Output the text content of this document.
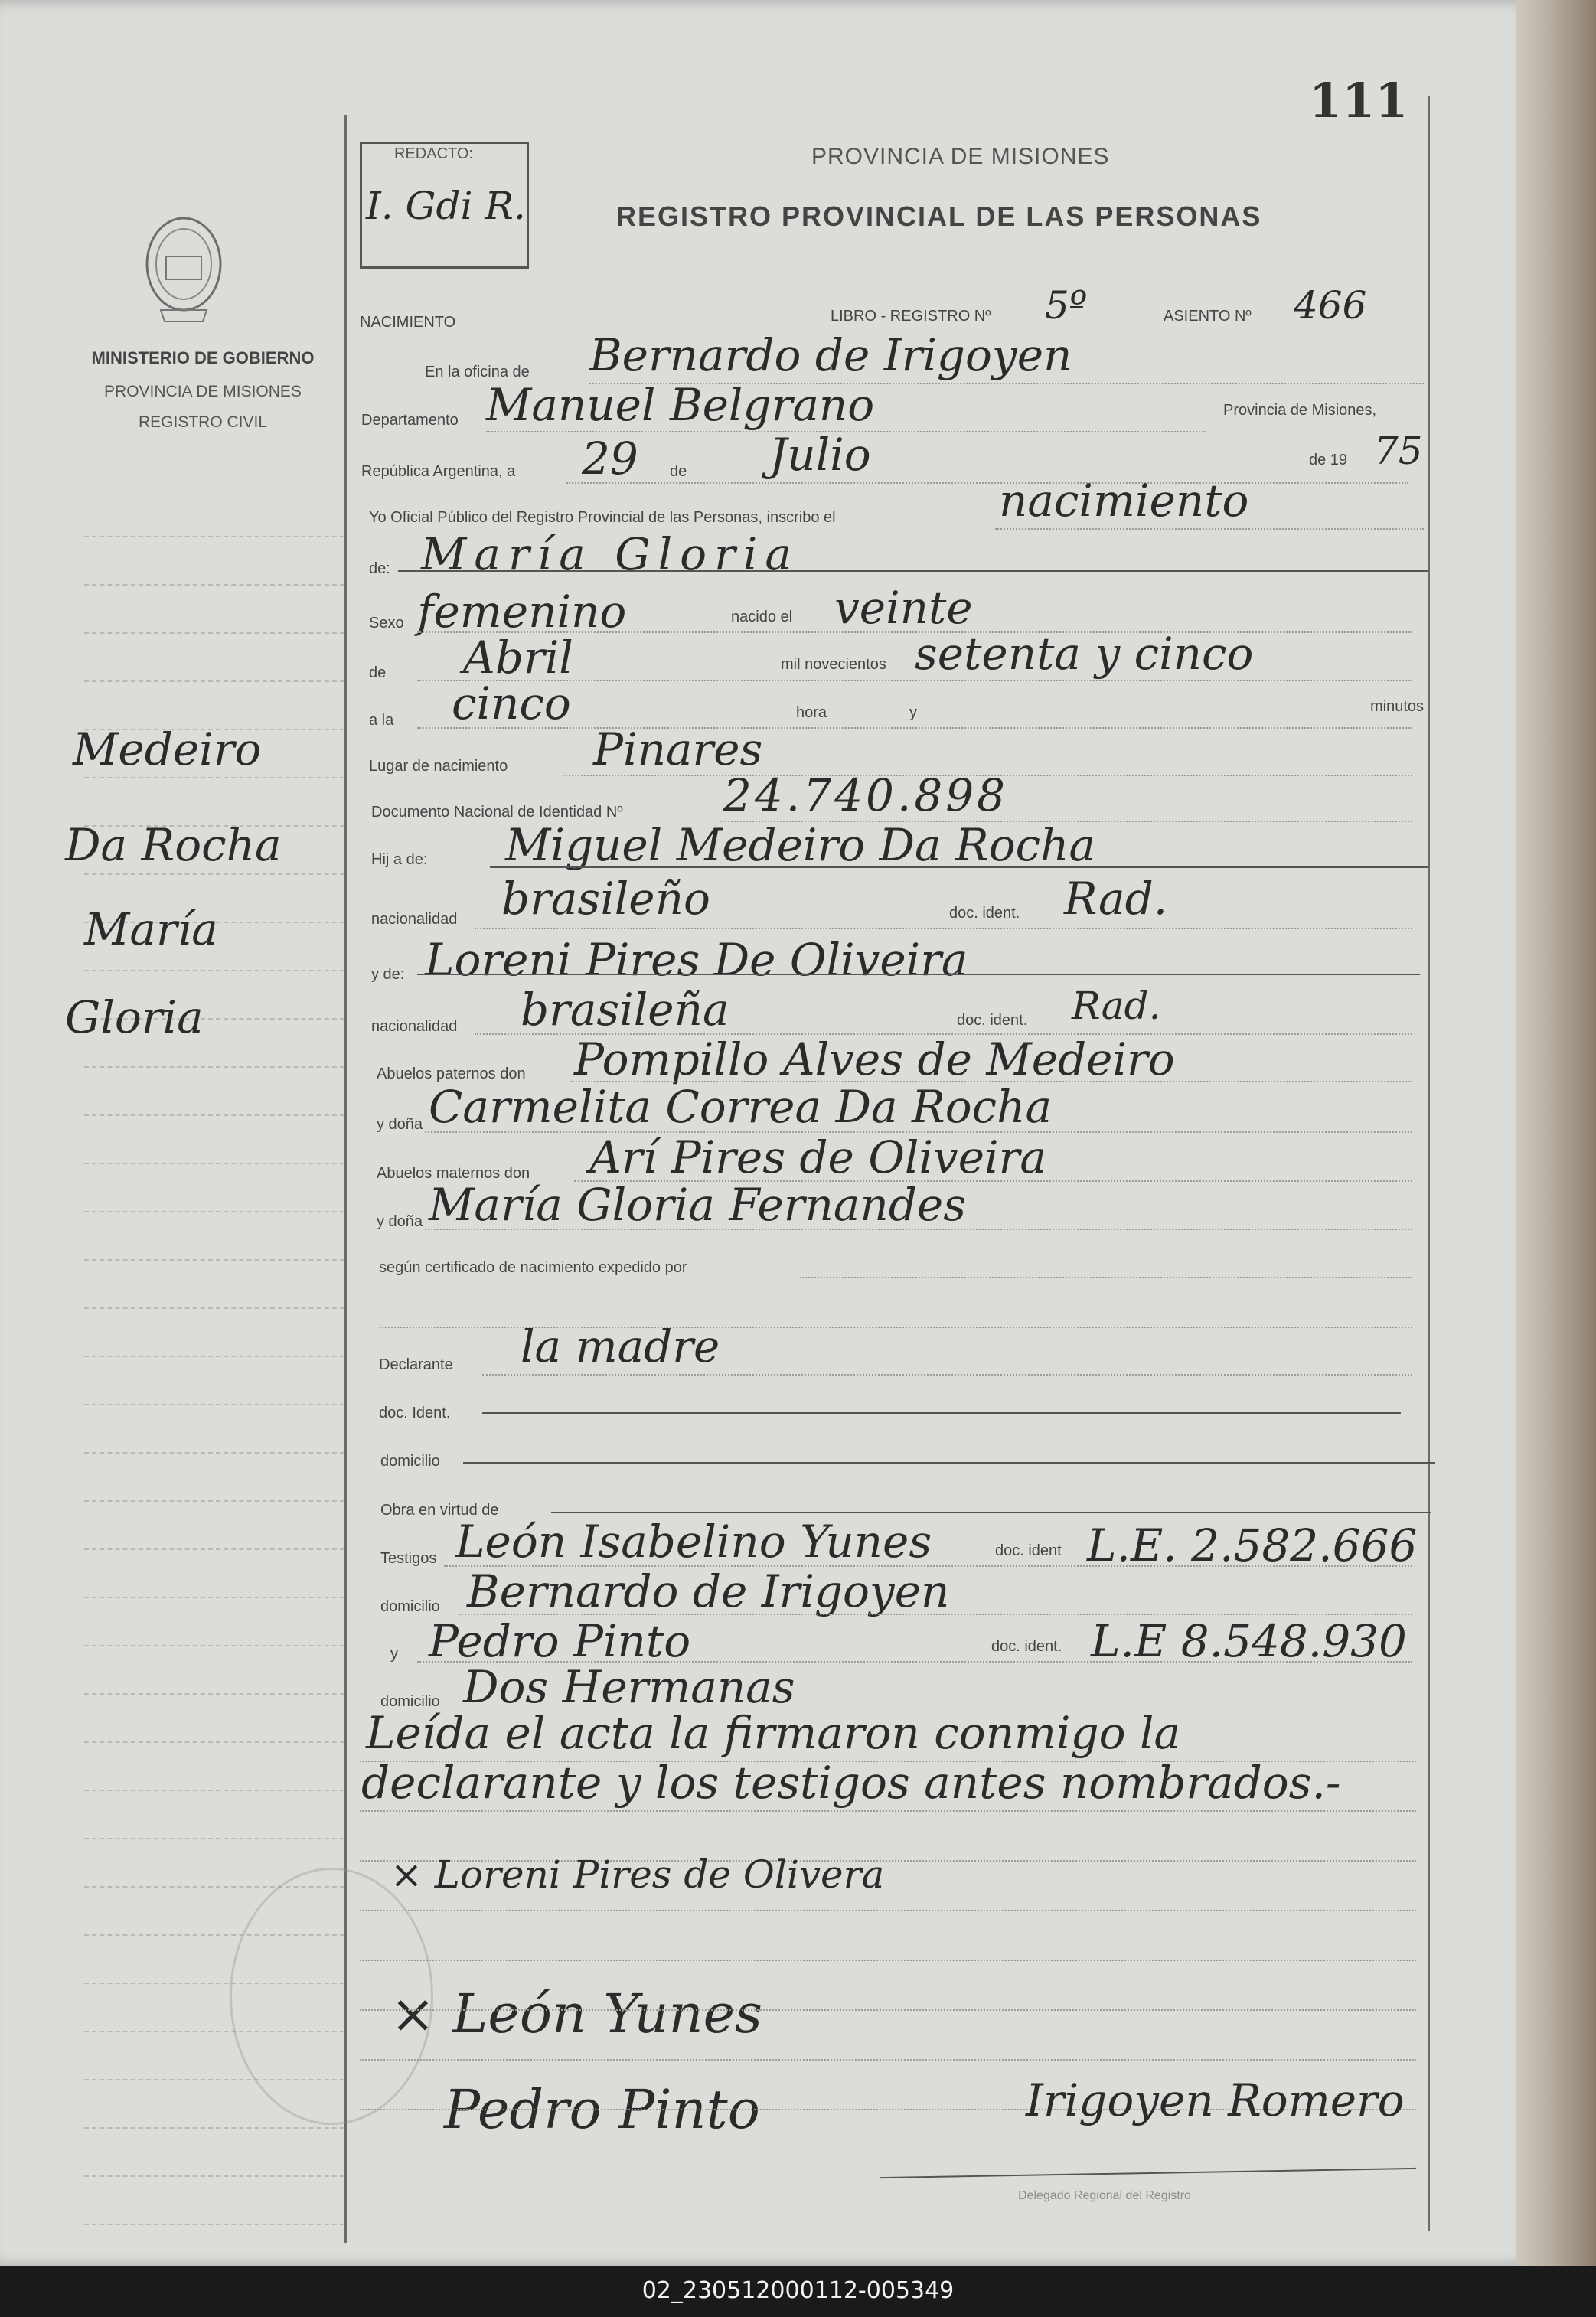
111
REDACTO:
I. Gdi R.
MINISTERIO DE GOBIERNO
PROVINCIA DE MISIONES
REGISTRO CIVIL
PROVINCIA DE MISIONES
REGISTRO PROVINCIAL DE LAS PERSONAS
Medeiro
Da Rocha
María
Gloria
NACIMIENTO	LIBRO - REGISTRO Nº 5º	ASIENTO Nº 466
En la oficina de Bernardo de Irigoyen
Departamento Manuel Belgrano	Provincia de Misiones,
República Argentina, a 29 de Julio	de 19 75
Yo Oficial Público del Registro Provincial de las Personas, inscribo el	nacimiento
de: María Gloria
Sexo femenino	nacido el veinte
de Abril	mil novecientos setenta y cinco
a la cinco	hora	y	minutos
Lugar de nacimiento Pinares
Documento Nacional de Identidad Nº 24.740.898
Hij a de: Miguel Medeiro Da Rocha
nacionalidad brasileño	doc. ident. Rad.
y de: Loreni Pires De Oliveira
nacionalidad brasileña	doc. ident. Rad.
Abuelos paternos don Pompillo Alves de Medeiro
y doña Carmelita Correa Da Rocha
Abuelos maternos don Arí Pires de Oliveira
y doña María Gloria Fernandes
según certificado de nacimiento expedido por
Declarante la madre
doc. Ident.
domicilio
Obra en virtud de
Testigos León Isabelino Yunes	doc. ident L.E. 2.582.666
domicilio Bernardo de Irigoyen
y Pedro Pinto	doc. ident. L.E 8.548.930
domicilio Dos Hermanas
Leída el acta la firmaron conmigo la
declarante y los testigos antes nombrados.-
× Loreni Pires de Olivera
× León Yunes
Pedro Pinto	Irigoyen Romero
Delegado Regional del Registro
02_230512000112-005349
